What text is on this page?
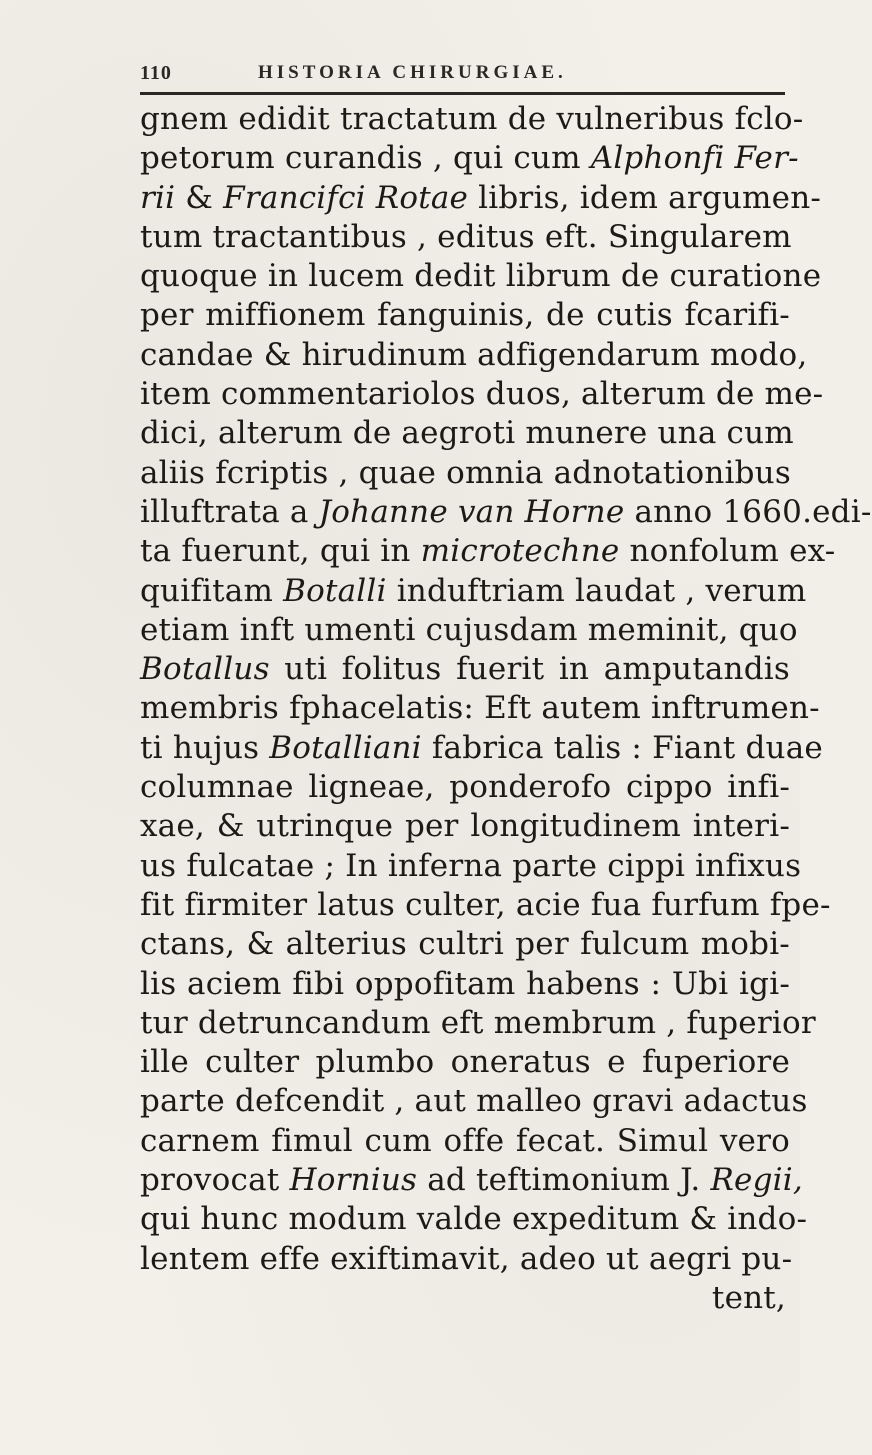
110	HISTORIA CHIRURGIAE.
gnem edidit tractatum de vulneribus fclo-
petorum curandis , qui cum Alphonfi Fer-
rii & Francifci Rotae libris, idem argumen-
tum tractantibus , editus eft. Singularem
quoque in lucem dedit librum de curatione
per miffionem fanguinis, de cutis fcarifi-
candae & hirudinum adfigendarum modo,
item commentariolos duos, alterum de me-
dici, alterum de aegroti munere una cum
aliis fcriptis , quae omnia adnotationibus
illuftrata a Johanne van Horne anno 1660.edi-
ta fuerunt, qui in microtechne nonfolum ex-
quifitam Botalli induftriam laudat , verum
etiam inft umenti cujusdam meminit, quo
Botallus uti folitus fuerit in amputandis
membris fphacelatis: Eft autem inftrumen-
ti hujus Botalliani fabrica talis : Fiant duae
columnae ligneae, ponderofo cippo infi-
xae, & utrinque per longitudinem interi-
us fulcatae ; In inferna parte cippi infixus
fit firmiter latus culter, acie fua furfum fpe-
ctans, & alterius cultri per fulcum mobi-
lis aciem fibi oppofitam habens : Ubi igi-
tur detruncandum eft membrum , fuperior
ille culter plumbo oneratus e fuperiore
parte defcendit , aut malleo gravi adactus
carnem fimul cum offe fecat. Simul vero
provocat Hornius ad teftimonium J. Regii,
qui hunc modum valde expeditum & indo-
lentem effe exiftimavit, adeo ut aegri pu-
tent,
